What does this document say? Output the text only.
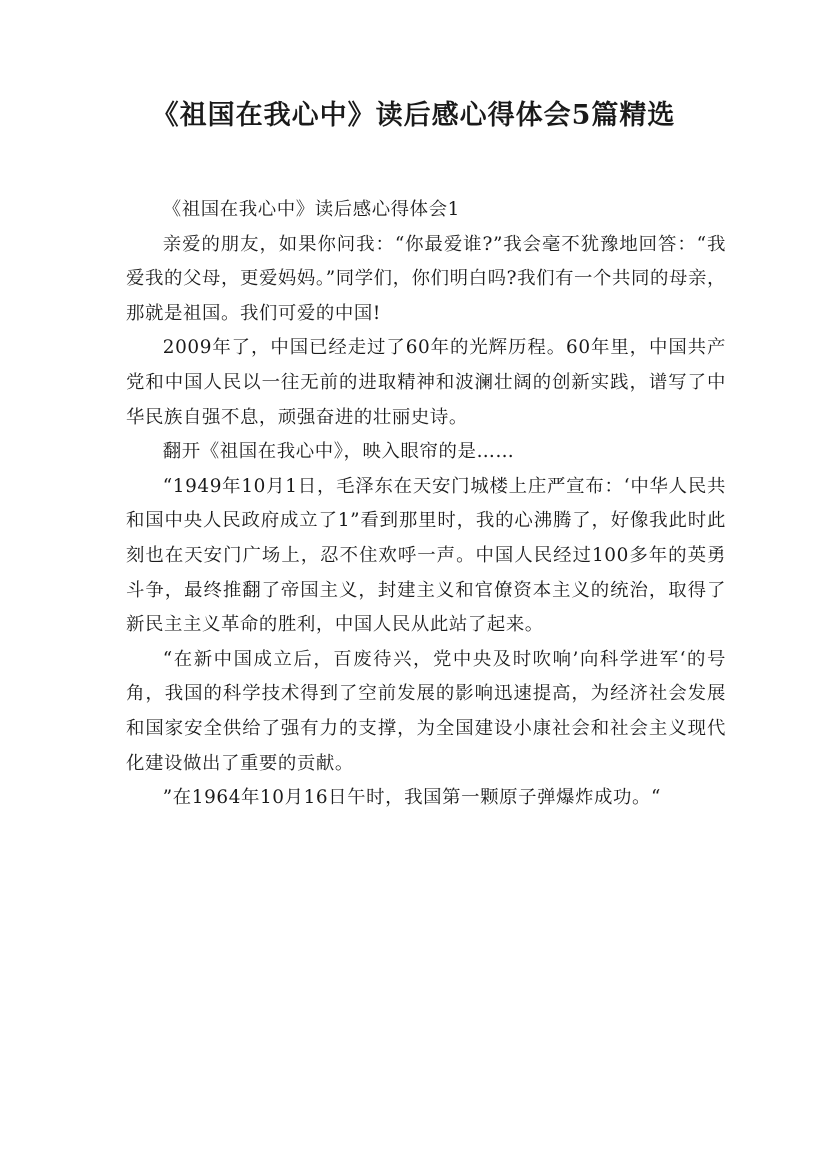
《祖国在我心中》读后感心得体会5篇精选

《祖国在我心中》读后感心得体会1

亲爱的朋友，如果你问我：“你最爱谁?”我会毫不犹豫地回答：“我爱我的父母，更爱妈妈。”同学们，你们明白吗?我们有一个共同的母亲，那就是祖国。我们可爱的中国!

2009年了，中国已经走过了60年的光辉历程。60年里，中国共产党和中国人民以一往无前的进取精神和波澜壮阔的创新实践，谱写了中华民族自强不息，顽强奋进的壮丽史诗。

翻开《祖国在我心中》，映入眼帘的是……

“1949年10月1日，毛泽东在天安门城楼上庄严宣布：‘中华人民共和国中央人民政府成立了1”看到那里时，我的心沸腾了，好像我此时此刻也在天安门广场上，忍不住欢呼一声。中国人民经过100多年的英勇斗争，最终推翻了帝国主义，封建主义和官僚资本主义的统治，取得了新民主主义革命的胜利，中国人民从此站了起来。

“在新中国成立后，百废待兴，党中央及时吹响’向科学进军‘的号角，我国的科学技术得到了空前发展的影响迅速提高，为经济社会发展和国家安全供给了强有力的支撑，为全国建设小康社会和社会主义现代化建设做出了重要的贡献。

”在1964年10月16日午时，我国第一颗原子弹爆炸成功。“
